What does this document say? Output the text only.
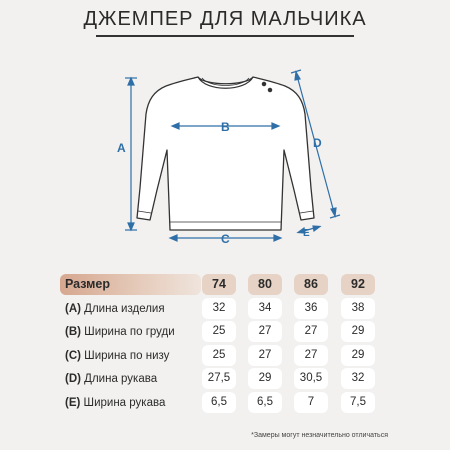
ДЖЕМПЕР ДЛЯ МАЛЬЧИКА
A
B
C
D
E
Размер	74	80	86	92
(A) Длина изделия	32	34	36	38
(B) Ширина по груди	25	27	27	29
(C) Ширина по низу	25	27	27	29
(D) Длина рукава	27,5	29	30,5	32
(E) Ширина рукава	6,5	6,5	7	7,5
*Замеры могут незначительно отличаться
